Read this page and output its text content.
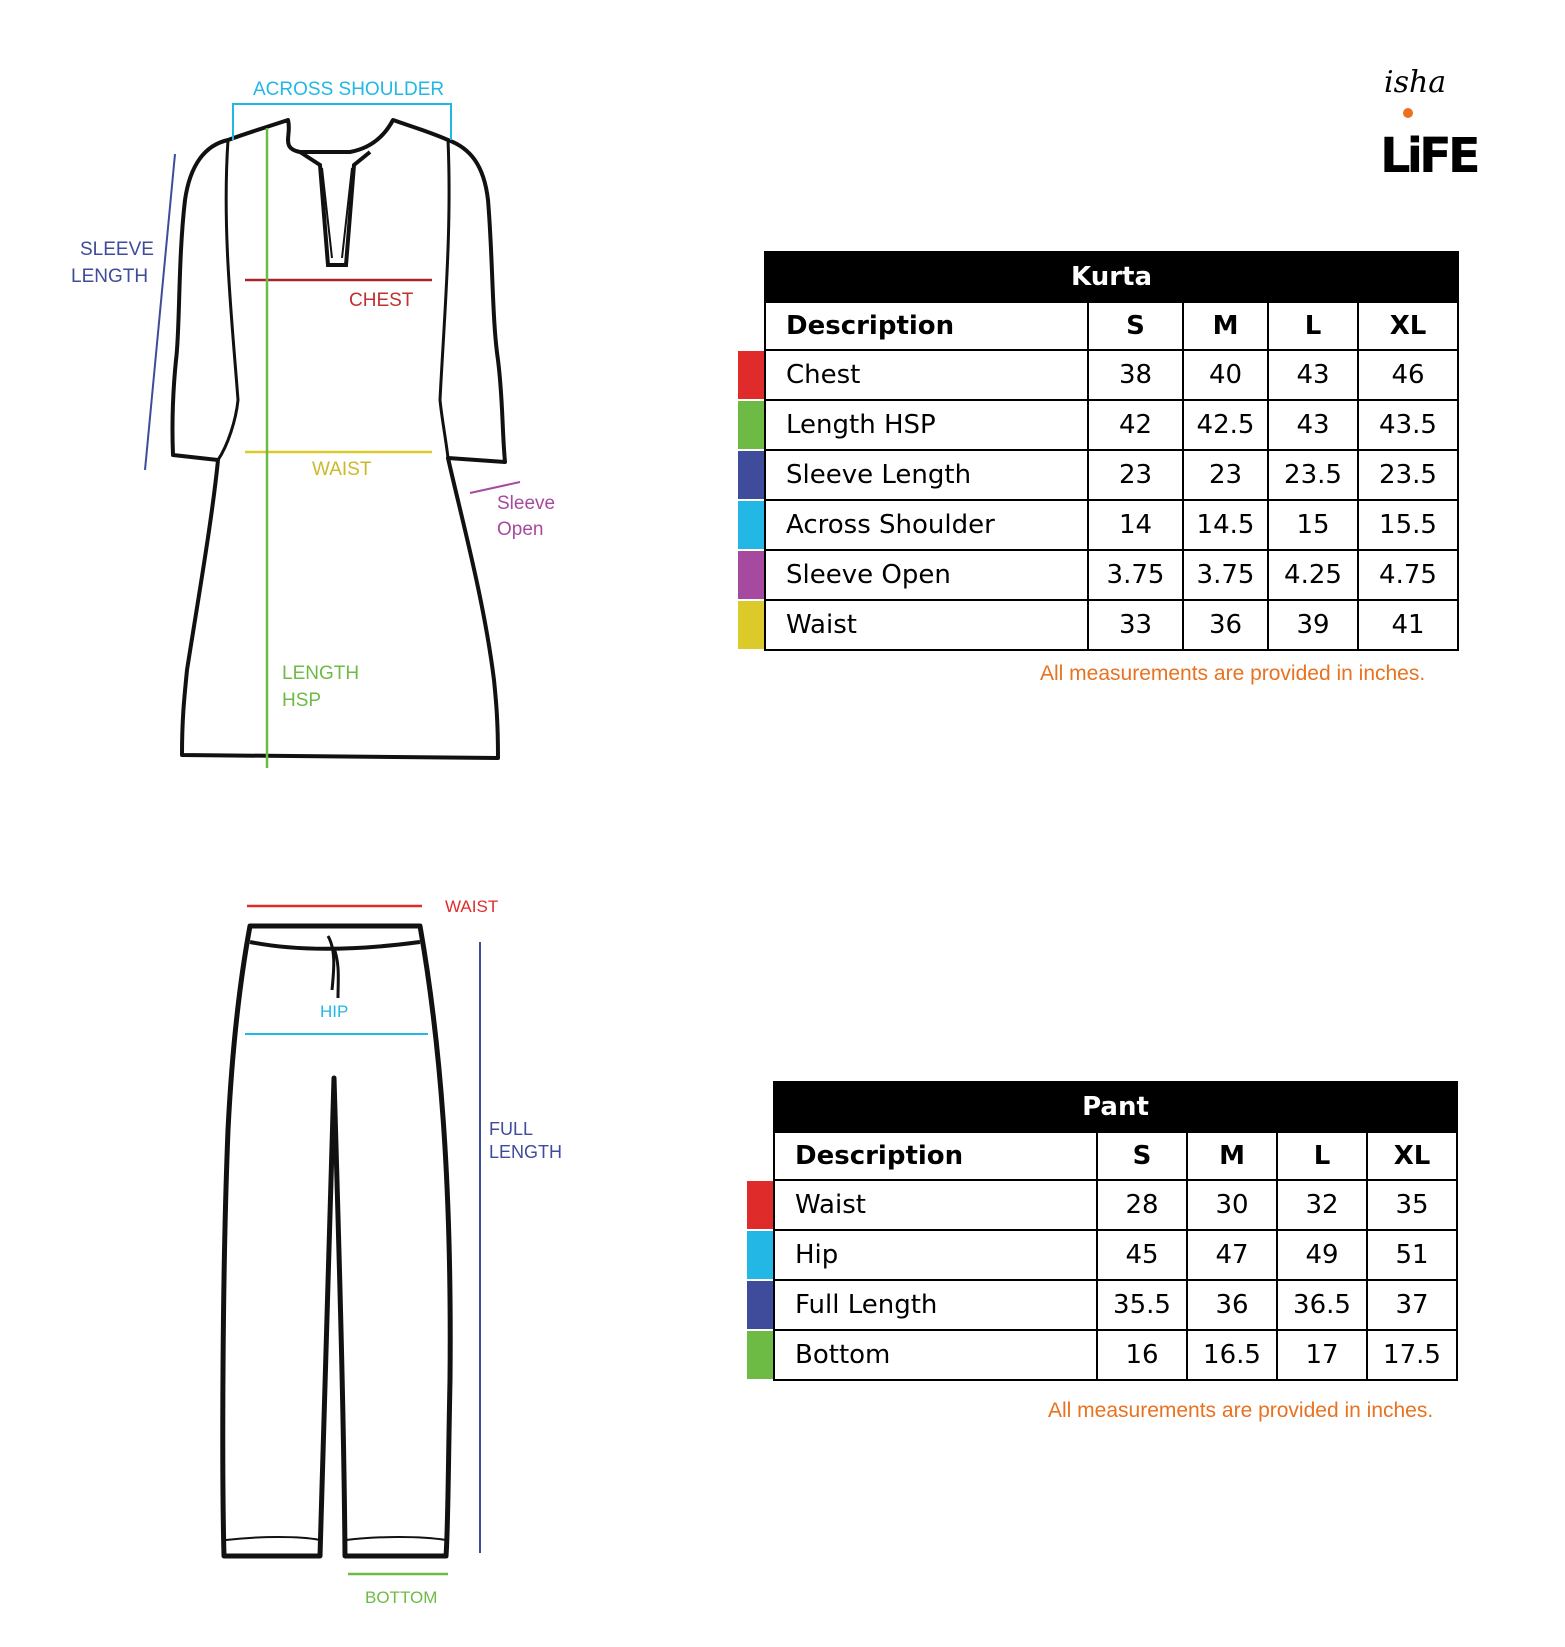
ACROSS SHOULDER
SLEEVE
LENGTH
CHEST
WAIST
Sleeve
Open
LENGTH
HSP
WAIST
HIP
FULL
LENGTH
BOTTOM
isha
LiFE
	Kurta				
	Description	S	M	L	XL

	Chest	38	40	43	46

	Length HSP	42	42.5	43	43.5

	Sleeve Length	23	23	23.5	23.5

	Across Shoulder	14	14.5	15	15.5

	Sleeve Open	3.75	3.75	4.25	4.75

	Waist	33	36	39	41
All measurements are provided in inches.
	Pant				
	Description	S	M	L	XL

	Waist	28	30	32	35

	Hip	45	47	49	51

	Full Length	35.5	36	36.5	37

	Bottom	16	16.5	17	17.5
All measurements are provided in inches.
